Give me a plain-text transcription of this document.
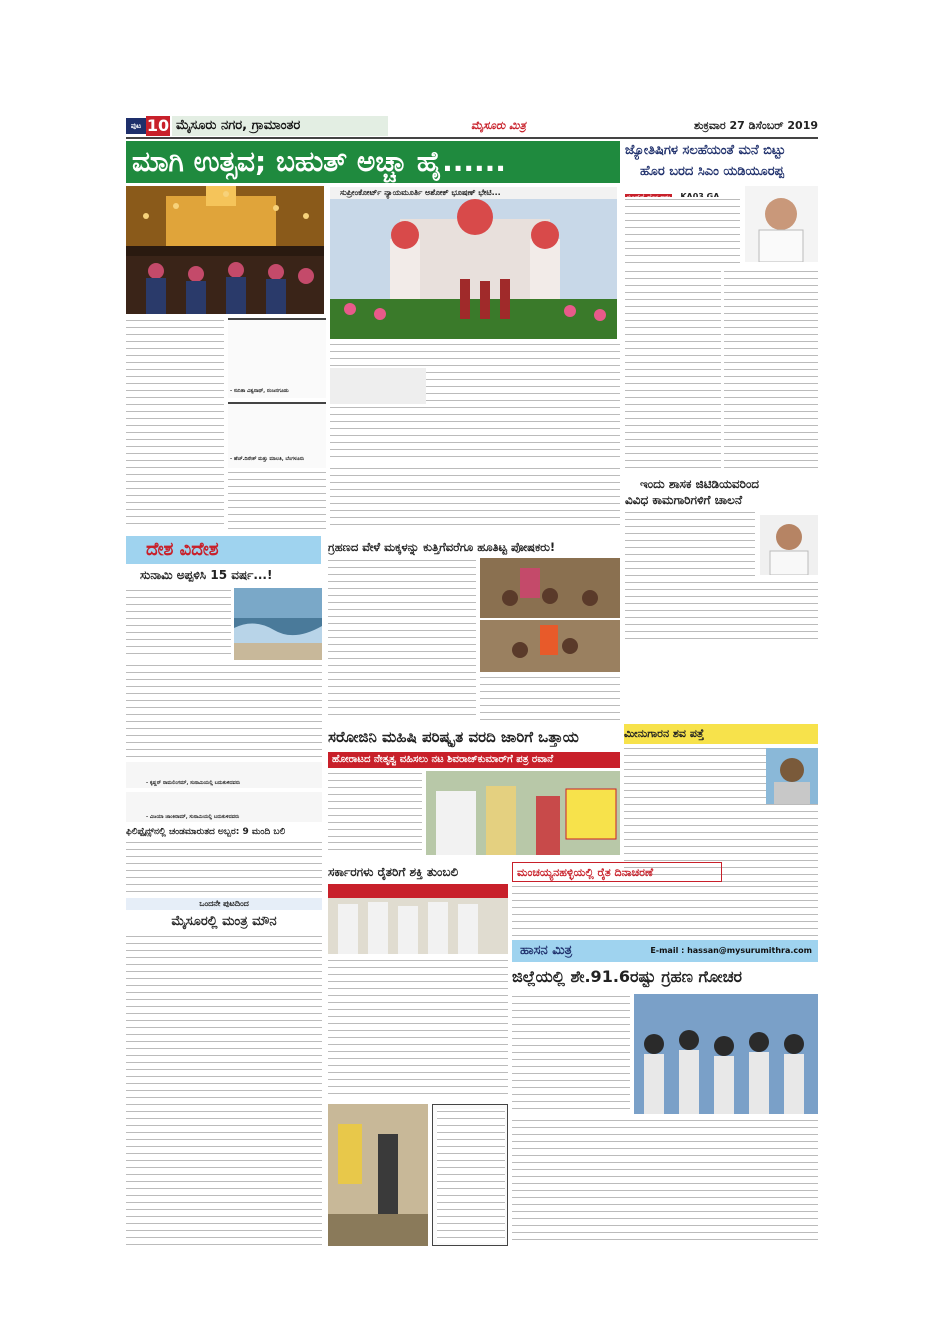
ಪುಟ 10 ಮೈಸೂರು ನಗರ, ಗ್ರಾಮಾಂತರ	ಮೈಸೂರು ಮಿತ್ರ	ಶುಕ್ರವಾರ 27 ಡಿಸೆಂಬರ್ 2019
ಮಾಗಿ ಉತ್ಸವ; ಬಹುತ್ ಅಚ್ಚಾ ಹೈ......
ಸುಪ್ರೀಂಕೋರ್ಟ್ ನ್ಯಾಯಮೂರ್ತಿ ಅಶೋಕ್ ಭೂಷಣ್ ಭೇಟಿ...
- ಸುನಿತಾ ವಿಶ್ವನಾಥ್, ನಂಜನಗೂಡು
- ಹೆಚ್.ದಿನೇಶ್ ಮತ್ತು ಮಾಲತಿ, ಬೆಂಗಳೂರು
ಜ್ಯೋತಿಷಿಗಳ ಸಲಹೆಯಂತೆ ಮನೆ ಬಿಟ್ಟು
ಹೊರ ಬರದ ಸಿಎಂ ಯಡಿಯೂರಪ್ಪ
ಇಂದು ಶಾಸಕ ಜಿಟಿಡಿಯವರಿಂದ
ವಿವಿಧ ಕಾಮಗಾರಿಗಳಿಗೆ ಚಾಲನೆ
ದೇಶ ವಿದೇಶ
ಸುನಾಮಿ ಅಪ್ಪಳಿಸಿ 15 ವರ್ಷ...!
- ಕೃಷ್ಣನ್ ರಾಮಲಿಂಗಮ್, ಸುನಾಮಿಯಲ್ಲಿ ಬದುಕುಳಿದವರು
- ವಿಜಯಾ ಜಾಂಕಿರಾಮ್, ಸುನಾಮಿಯಲ್ಲಿ ಬದುಕುಳಿದವರು
ಫಿಲಿಪ್ಪೈನ್ಸ್‌ನಲ್ಲಿ ಚಂಡಮಾರುತದ ಅಬ್ಬರ: 9 ಮಂದಿ ಬಲಿ
ಒಂದನೇ ಪುಟದಿಂದ
ಮೈಸೂರಲ್ಲಿ ಮಂತ್ರ ಮೌನ
ಗ್ರಹಣದ ವೇಳೆ ಮಕ್ಕಳನ್ನು ಕುತ್ತಿಗೆವರೆಗೂ ಹೂತಿಟ್ಟ ಪೋಷಕರು!
ಸರೋಜಿನಿ ಮಹಿಷಿ ಪರಿಷ್ಕೃತ ವರದಿ ಜಾರಿಗೆ ಒತ್ತಾಯ
ಹೋರಾಟದ ನೇತೃತ್ವ ವಹಿಸಲು ನಟ ಶಿವರಾಜ್‌ಕುಮಾರ್‌ಗೆ ಪತ್ರ ರವಾನೆ
ಮೀನುಗಾರನ ಶವ ಪತ್ತೆ
ಸರ್ಕಾರಗಳು ರೈತರಿಗೆ ಶಕ್ತಿ ತುಂಬಲಿ	ಮಂಚಯ್ಯನಹಳ್ಳಿಯಲ್ಲಿ ರೈತ ದಿನಾಚರಣೆ
ಹಾಸನ ಮಿತ್ರ	E-mail : hassan@mysurumithra.com
ಜಿಲ್ಲೆಯಲ್ಲಿ ಶೇ.91.6ರಷ್ಟು ಗ್ರಹಣ ಗೋಚರ
